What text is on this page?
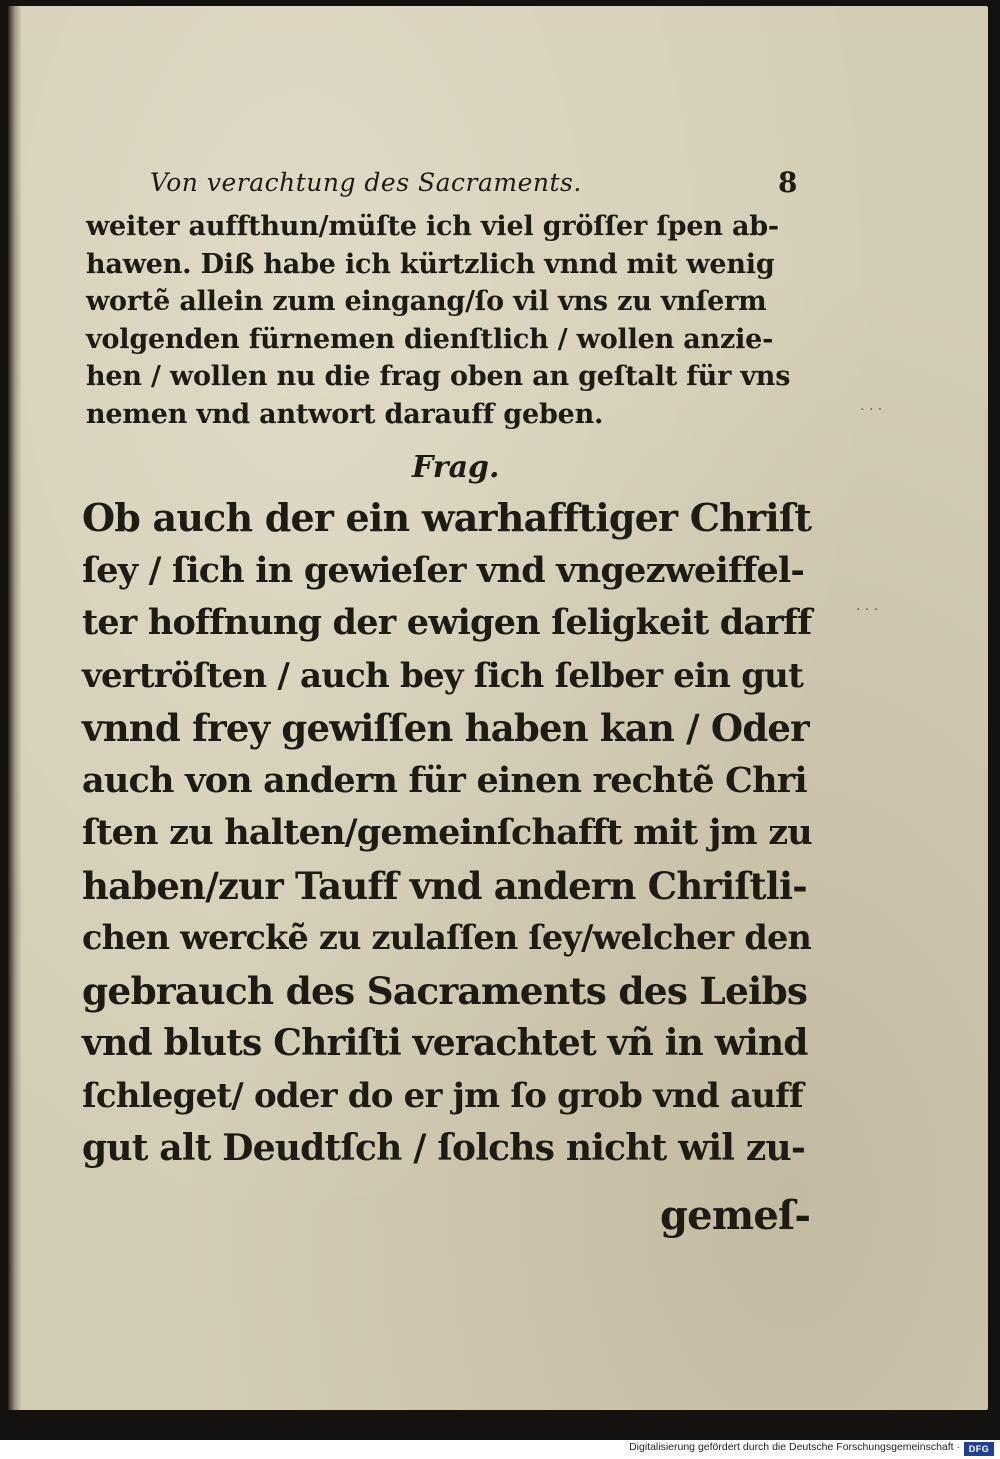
· · ·
· · ·
Von verachtung des Sacraments.	8
weiter auffthun/müſte ich viel gröſſer ſpen ab-
hawen. Diß habe ich kürtzlich vnnd mit wenig
wortẽ allein zum eingang/ſo vil vns zu vnſerm
volgenden fürnemen dienſtlich / wollen anzie-
hen / wollen nu die frag oben an geſtalt für vns
nemen vnd antwort darauff geben.
Frag.
Ob auch der ein warhafftiger Chriſt
ſey / ſich in gewieſer vnd vngezweiffel-
ter hoffnung der ewigen ſeligkeit darff
vertröſten / auch bey ſich ſelber ein gut
vnnd frey gewiſſen haben kan / Oder
auch von andern für einen rechtẽ Chri
ſten zu halten/gemeinſchafft mit jm zu
haben/zur Tauff vnd andern Chriſtli-
chen werckẽ zu zulaſſen ſey/welcher den
gebrauch des Sacraments des Leibs
vnd bluts Chriſti verachtet vñ in wind
ſchleget/ oder do er jm ſo grob vnd auff
gut alt Deudtſch / ſolchs nicht wil zu-
gemeſ-
Digitalisierung gefördert durch die Deutsche Forschungsgemeinschaft · DFG
